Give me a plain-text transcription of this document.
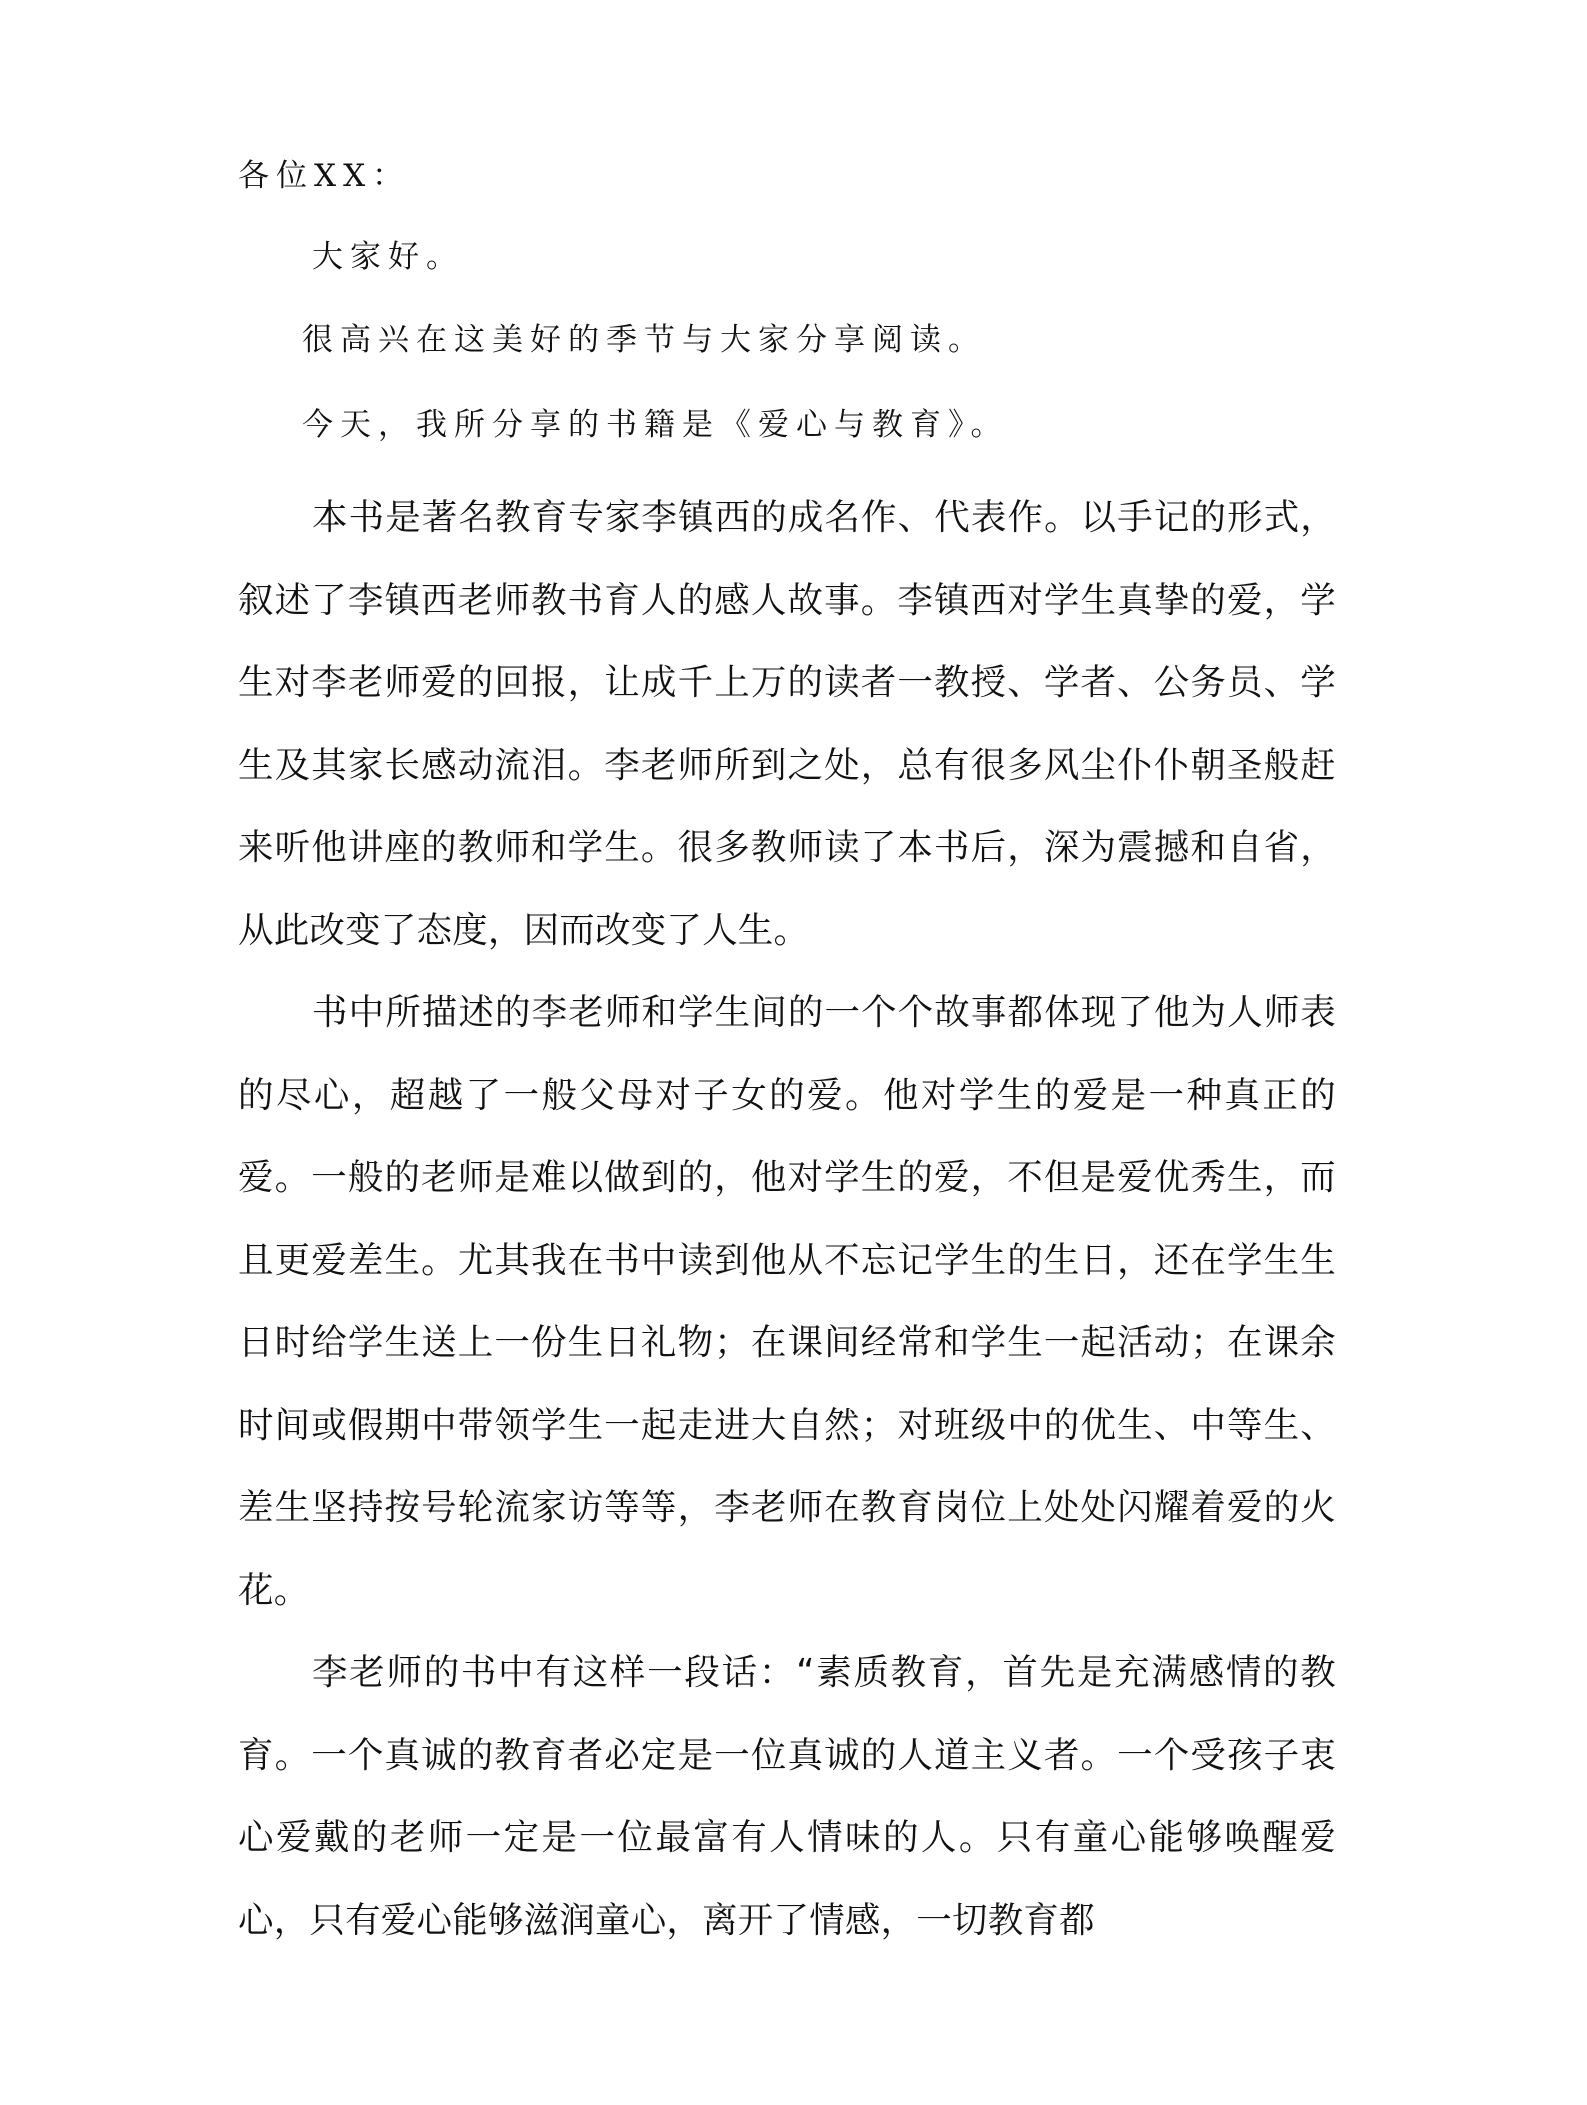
各位XX：
大家好。
很高兴在这美好的季节与大家分享阅读。
今天，我所分享的书籍是《爱心与教育》。

本书是著名教育专家李镇西的成名作、代表作。以手记的形式，叙述了李镇西老师教书育人的感人故事。李镇西对学生真挚的爱，学生对李老师爱的回报，让成千上万的读者一教授、学者、公务员、学生及其家长感动流泪。李老师所到之处，总有很多风尘仆仆朝圣般赶来听他讲座的教师和学生。很多教师读了本书后，深为震撼和自省，从此改变了态度，因而改变了人生。

书中所描述的李老师和学生间的一个个故事都体现了他为人师表的尽心，超越了一般父母对子女的爱。他对学生的爱是一种真正的爱。一般的老师是难以做到的，他对学生的爱，不但是爱优秀生，而且更爱差生。尤其我在书中读到他从不忘记学生的生日，还在学生生日时给学生送上一份生日礼物；在课间经常和学生一起活动；在课余时间或假期中带领学生一起走进大自然；对班级中的优生、中等生、差生坚持按号轮流家访等等，李老师在教育岗位上处处闪耀着爱的火花。

李老师的书中有这样一段话：“素质教育，首先是充满感情的教育。一个真诚的教育者必定是一位真诚的人道主义者。一个受孩子衷心爱戴的老师一定是一位最富有人情味的人。只有童心能够唤醒爱心，只有爱心能够滋润童心，离开了情感，一切教育都
